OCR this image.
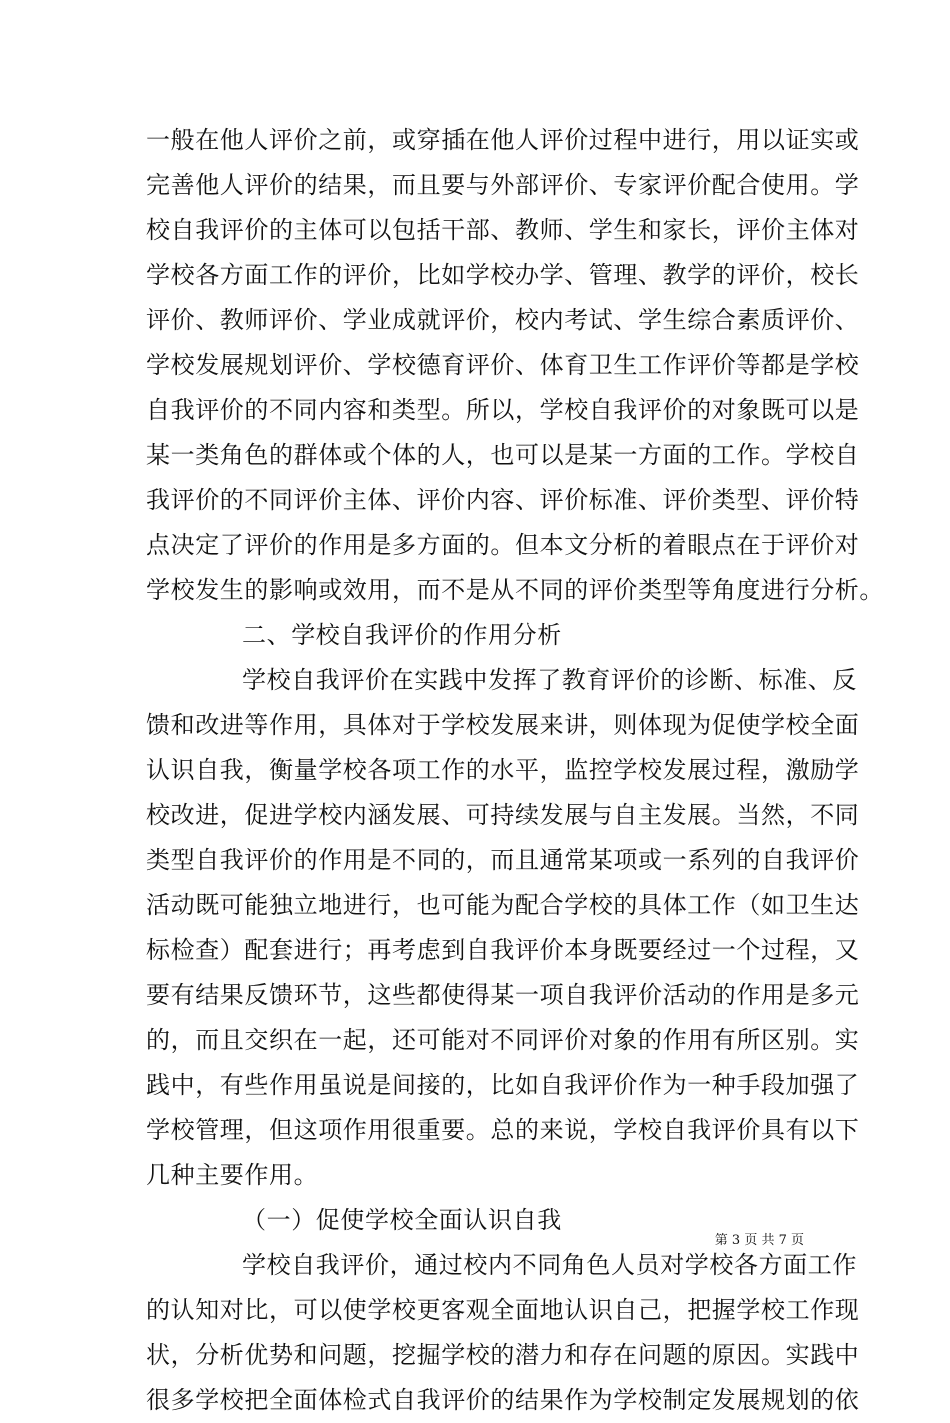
一般在他人评价之前，或穿插在他人评价过程中进行，用以证实或
完善他人评价的结果，而且要与外部评价、专家评价配合使用。学
校自我评价的主体可以包括干部、教师、学生和家长，评价主体对
学校各方面工作的评价，比如学校办学、管理、教学的评价，校长
评价、教师评价、学业成就评价，校内考试、学生综合素质评价、
学校发展规划评价、学校德育评价、体育卫生工作评价等都是学校
自我评价的不同内容和类型。所以，学校自我评价的对象既可以是
某一类角色的群体或个体的人，也可以是某一方面的工作。学校自
我评价的不同评价主体、评价内容、评价标准、评价类型、评价特
点决定了评价的作用是多方面的。但本文分析的着眼点在于评价对
学校发生的影响或效用，而不是从不同的评价类型等角度进行分析。
二、学校自我评价的作用分析
学校自我评价在实践中发挥了教育评价的诊断、标准、反
馈和改进等作用，具体对于学校发展来讲，则体现为促使学校全面
认识自我，衡量学校各项工作的水平，监控学校发展过程，激励学
校改进，促进学校内涵发展、可持续发展与自主发展。当然，不同
类型自我评价的作用是不同的，而且通常某项或一系列的自我评价
活动既可能独立地进行，也可能为配合学校的具体工作（如卫生达
标检查）配套进行；再考虑到自我评价本身既要经过一个过程，又
要有结果反馈环节，这些都使得某一项自我评价活动的作用是多元
的，而且交织在一起，还可能对不同评价对象的作用有所区别。实
践中，有些作用虽说是间接的，比如自我评价作为一种手段加强了
学校管理，但这项作用很重要。总的来说，学校自我评价具有以下
几种主要作用。
（一）促使学校全面认识自我
学校自我评价，通过校内不同角色人员对学校各方面工作
的认知对比，可以使学校更客观全面地认识自己，把握学校工作现
状，分析优势和问题，挖掘学校的潜力和存在问题的原因。实践中
很多学校把全面体检式自我评价的结果作为学校制定发展规划的依
第 3 页 共 7 页
